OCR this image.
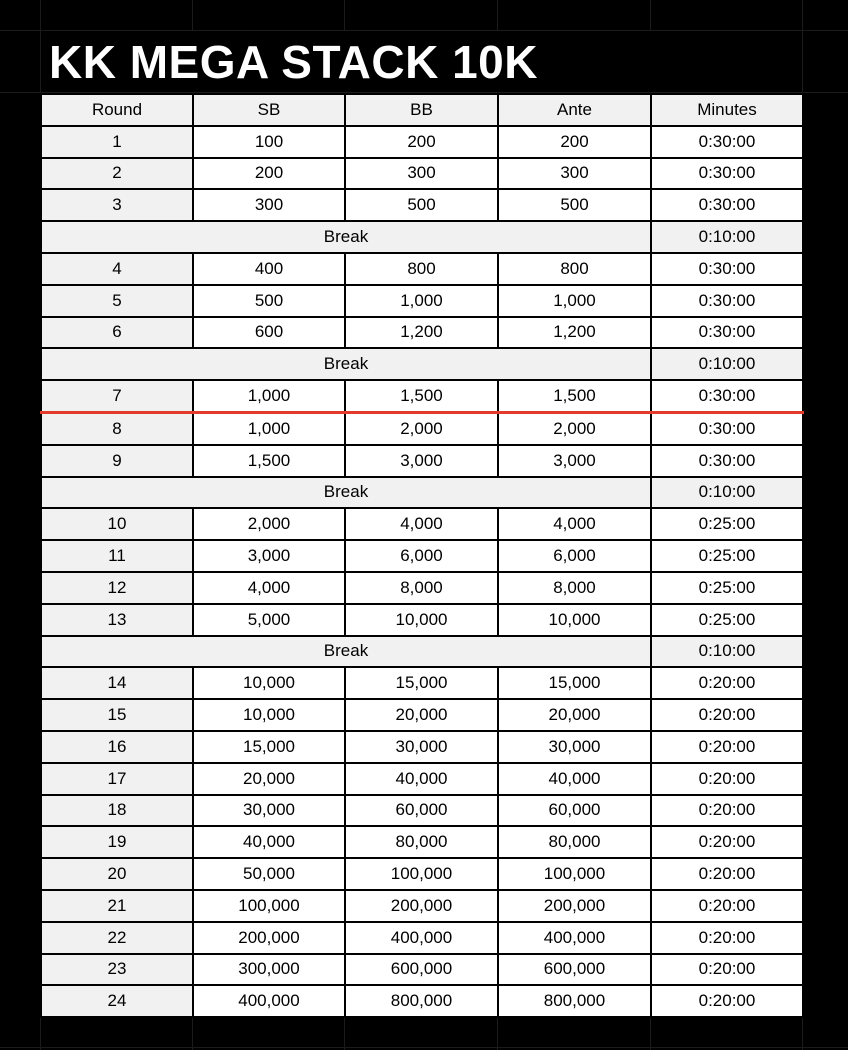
KK MEGA STACK 10K
Round	SB	BB	Ante	Minutes
1	100	200	200	0:30:00
2	200	300	300	0:30:00
3	300	500	500	0:30:00
Break				0:10:00
4	400	800	800	0:30:00
5	500	1,000	1,000	0:30:00
6	600	1,200	1,200	0:30:00
Break				0:10:00
7	1,000	1,500	1,500	0:30:00
8	1,000	2,000	2,000	0:30:00
9	1,500	3,000	3,000	0:30:00
Break				0:10:00
10	2,000	4,000	4,000	0:25:00
11	3,000	6,000	6,000	0:25:00
12	4,000	8,000	8,000	0:25:00
13	5,000	10,000	10,000	0:25:00
Break				0:10:00
14	10,000	15,000	15,000	0:20:00
15	10,000	20,000	20,000	0:20:00
16	15,000	30,000	30,000	0:20:00
17	20,000	40,000	40,000	0:20:00
18	30,000	60,000	60,000	0:20:00
19	40,000	80,000	80,000	0:20:00
20	50,000	100,000	100,000	0:20:00
21	100,000	200,000	200,000	0:20:00
22	200,000	400,000	400,000	0:20:00
23	300,000	600,000	600,000	0:20:00
24	400,000	800,000	800,000	0:20:00
